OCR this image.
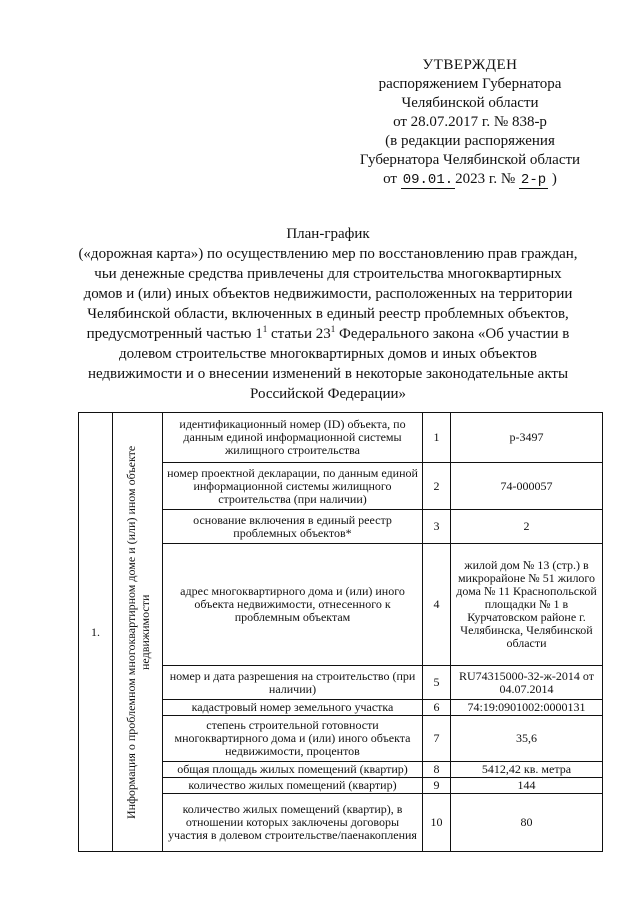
УТВЕРЖДЕН
распоряжением Губернатора
Челябинской области
от 28.07.2017 г. № 838-р
(в редакции распоряжения
Губернатора Челябинской области
от 09.01. 2023 г. № 2-р )
План-график
(«дорожная карта») по осуществлению мер по восстановлению прав граждан,
чьи денежные средства привлечены для строительства многоквартирных
домов и (или) иных объектов недвижимости, расположенных на территории
Челябинской области, включенных в единый реестр проблемных объектов,
предусмотренный частью $1^1$ статьи $23^1$ Федерального закона «Об участии в
долевом строительстве многоквартирных домов и иных объектов
недвижимости и о внесении изменений в некоторые законодательные акты
Российской Федерации»
1.	Информация о проблемном многоквартирном доме и (или) ином объекте недвижимости	идентификационный номер (ID) объекта, по данным единой информационной системы жилищного строительства	1	р-3497
		номер проектной декларации, по данным единой информационной системы жилищного строительства (при наличии)	2	74-000057
		основание включения в единый реестр проблемных объектов*	3	2
		адрес многоквартирного дома и (или) иного объекта недвижимости, отнесенного к проблемным объектам	4	жилой дом № 13 (стр.) в микрорайоне № 51 жилого дома № 11 Краснопольской площадки № 1 в Курчатовском районе г. Челябинска, Челябинской области
		номер и дата разрешения на строительство (при наличии)	5	RU74315000-32-ж-2014 от 04.07.2014
		кадастровый номер земельного участка	6	74:19:0901002:0000131
		степень строительной готовности многоквартирного дома и (или) иного объекта недвижимости, процентов	7	35,6
		общая площадь жилых помещений (квартир)	8	5412,42 кв. метра
		количество жилых помещений (квартир)	9	144
		количество жилых помещений (квартир), в отношении которых заключены договоры участия в долевом строительстве/паенакопления	10	80
